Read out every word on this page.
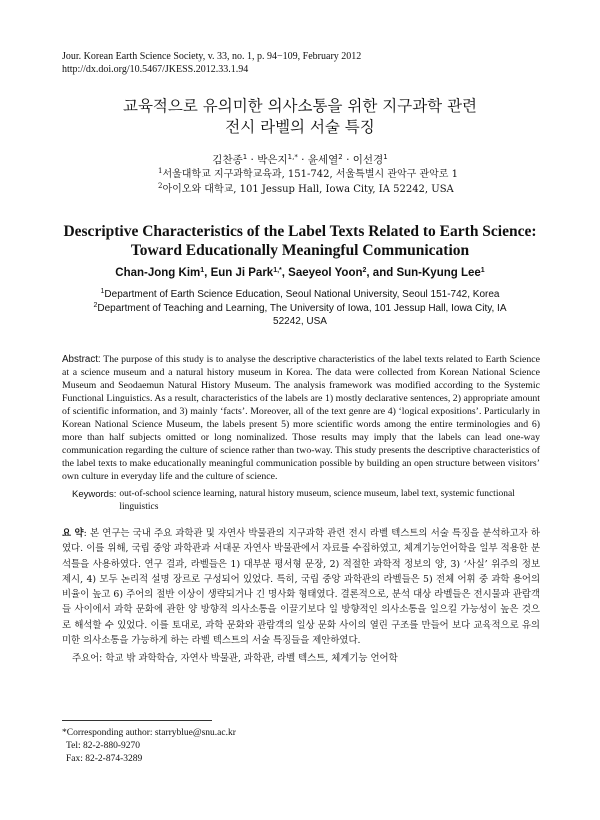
Jour. Korean Earth Science Society, v. 33, no. 1, p. 94−109, February 2012
http://dx.doi.org/10.5467/JKESS.2012.33.1.94
교육적으로 유의미한 의사소통을 위한 지구과학 관련
전시 라벨의 서술 특징
김찬종$^1$ · 박은지$^{1,*}$ · 윤세열$^2$ · 이선경$^1$
$^1$서울대학교 지구과학교육과, 151-742, 서울특별시 관악구 관악로 1
$^2$아이오와 대학교, 101 Jessup Hall, Iowa City, IA 52242, USA
Descriptive Characteristics of the Label Texts Related to Earth Science:
Toward Educationally Meaningful Communication
Chan-Jong Kim$^1$, Eun Ji Park$^{1,*}$, Saeyeol Yoon$^2$, and Sun-Kyung Lee$^1$
$^1$Department of Earth Science Education, Seoul National University, Seoul 151-742, Korea
$^2$Department of Teaching and Learning, The University of Iowa, 101 Jessup Hall, Iowa City, IA 52242, USA
Abstract: The purpose of this study is to analyse the descriptive characteristics of the label texts related to Earth Science at a science museum and a natural history museum in Korea. The data were collected from Korean National Science Museum and Seodaemun Natural History Museum. The analysis framework was modified according to the Systemic Functional Linguistics. As a result, characteristics of the labels are 1) mostly declarative sentences, 2) appropriate amount of scientific information, and 3) mainly ‘facts’. Moreover, all of the text genre are 4) ‘logical expositions’. Particularly in Korean National Science Museum, the labels present 5) more scientific words among the entire terminologies and 6) more than half subjects omitted or long nominalized. Those results may imply that the labels can lead one-way communication regarding the culture of science rather than two-way. This study presents the descriptive characteristics of the label texts to make educationally meaningful communication possible by building an open structure between visitors’ own culture in everyday life and the culture of science.
Keywords: out-of-school science learning, natural history museum, science museum, label text, systemic functional linguistics
요 약: 본 연구는 국내 주요 과학관 및 자연사 박물관의 지구과학 관련 전시 라벨 텍스트의 서술 특징을 분석하고자 하였다. 이를 위해, 국립 중앙 과학관과 서대문 자연사 박물관에서 자료를 수집하였고, 체계기능언어학을 일부 적용한 분석틀을 사용하였다. 연구 결과, 라벨들은 1) 대부분 평서형 문장, 2) 적절한 과학적 정보의 양, 3) ‘사실’ 위주의 정보 제시, 4) 모두 논리적 설명 장르로 구성되어 있었다. 특히, 국립 중앙 과학관의 라벨들은 5) 전체 어휘 중 과학 용어의 비율이 높고 6) 주어의 절반 이상이 생략되거나 긴 명사화 형태였다. 결론적으로, 분석 대상 라벨들은 전시물과 관람객 들 사이에서 과학 문화에 관한 양 방향적 의사소통을 이끌기보다 일 방향적인 의사소통을 일으킬 가능성이 높은 것으로 해석할 수 있었다. 이를 토대로, 과학 문화와 관람객의 일상 문화 사이의 열린 구조를 만들어 보다 교육적으로 유의미한 의사소통을 가능하게 하는 라벨 텍스트의 서술 특징들을 제안하였다.
주요어: 학교 밖 과학학습, 자연사 박물관, 과학관, 라벨 텍스트, 체계기능 언어학
*Corresponding author: starryblue@snu.ac.kr
Tel: 82-2-880-9270
Fax: 82-2-874-3289
